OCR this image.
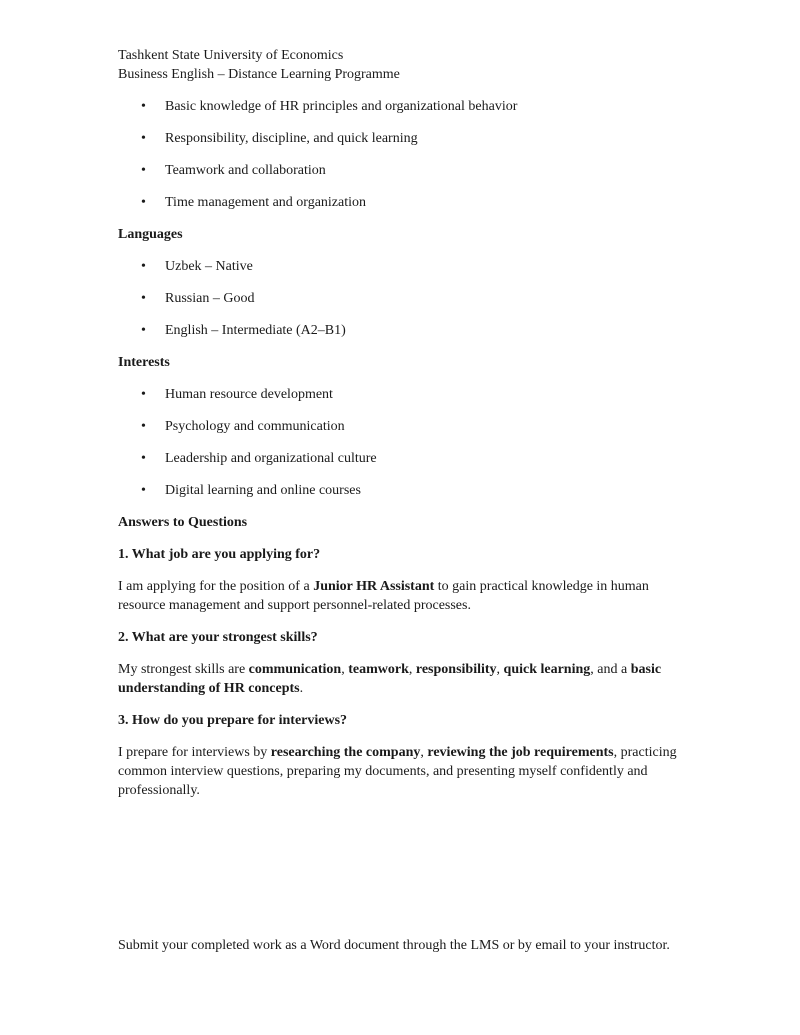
Tashkent State University of Economics
Business English – Distance Learning Programme
• Basic knowledge of HR principles and organizational behavior
• Responsibility, discipline, and quick learning
• Teamwork and collaboration
• Time management and organization
Languages
• Uzbek – Native
• Russian – Good
• English – Intermediate (A2–B1)
Interests
• Human resource development
• Psychology and communication
• Leadership and organizational culture
• Digital learning and online courses
Answers to Questions
1. What job are you applying for?

I am applying for the position of a Junior HR Assistant to gain practical knowledge in human resource management and support personnel-related processes.

2. What are your strongest skills?

My strongest skills are communication, teamwork, responsibility, quick learning, and a basic understanding of HR concepts.

3. How do you prepare for interviews?

I prepare for interviews by researching the company, reviewing the job requirements, practicing common interview questions, preparing my documents, and presenting myself confidently and professionally.

Submit your completed work as a Word document through the LMS or by email to your instructor.
